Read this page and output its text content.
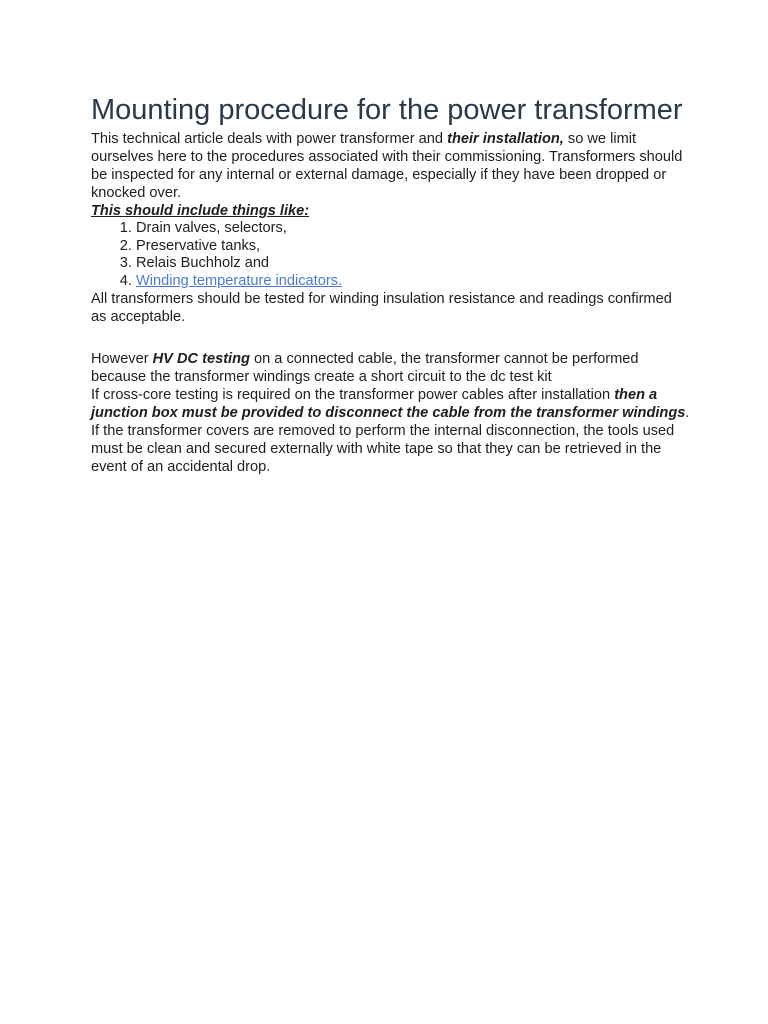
Mounting procedure for the power transformer

This technical article deals with power transformer and their installation, so we limit ourselves here to the procedures associated with their commissioning. Transformers should be inspected for any internal or external damage, especially if they have been dropped or knocked over.

This should include things like:

1. Drain valves, selectors,
2. Preservative tanks,
3. Relais Buchholz and
4. Winding temperature indicators.

All transformers should be tested for winding insulation resistance and readings confirmed as acceptable.

However HV DC testing on a connected cable, the transformer cannot be performed because the transformer windings create a short circuit to the dc test kit

If cross-core testing is required on the transformer power cables after installation then a junction box must be provided to disconnect the cable from the transformer windings. If the transformer covers are removed to perform the internal disconnection, the tools used must be clean and secured externally with white tape so that they can be retrieved in the event of an accidental drop.
